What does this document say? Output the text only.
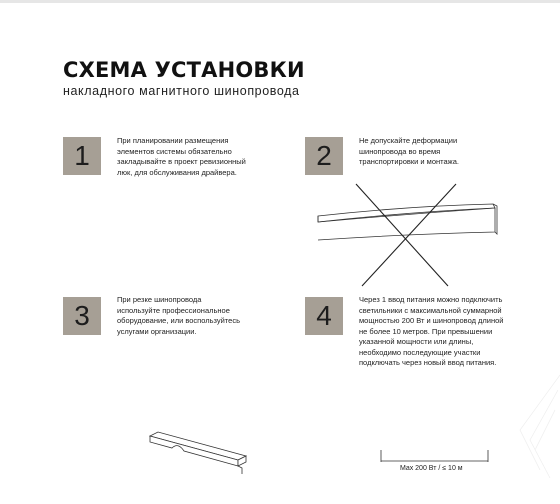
СХЕМА УСТАНОВКИ
накладного магнитного шинопровода
1	При планировании размещения
элементов системы обязательно
закладывайте в проект ревизионный
люк, для обслуживания драйвера.
2	Не допускайте деформации
шинопровода во время
транспортировки и монтажа.
3
При резке шинопровода
используйте профессиональное
оборудование, или воспользуйтесь
услугами организации.	4
Через 1 ввод питания можно подключить
светильники с максимальной суммарной
мощностью 200 Вт и шинопровод длиной
не более 10 метров. При превышении
указанной мощности или длины,
необходимо последующие участки
подключать через новый ввод питания.
Max 200 Вт / ≤ 10 м
